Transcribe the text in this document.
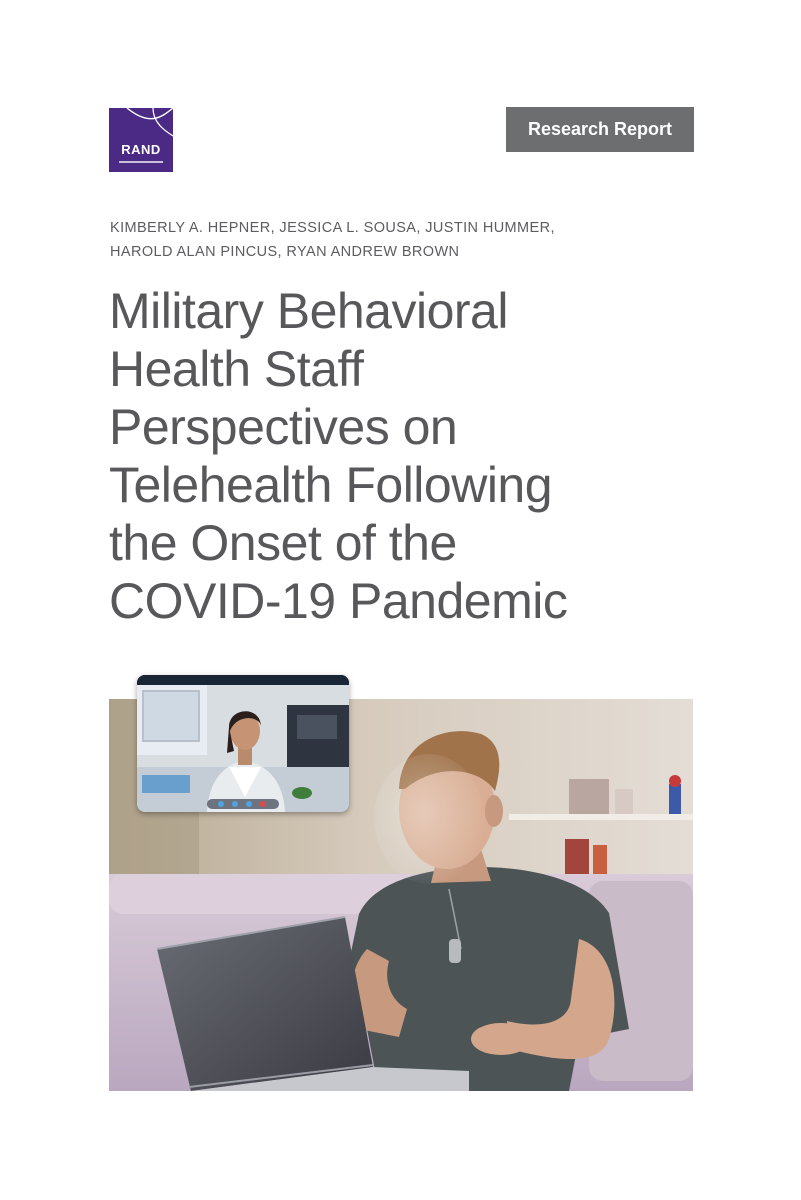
RAND
Research Report
KIMBERLY A. HEPNER, JESSICA L. SOUSA, JUSTIN HUMMER,
HAROLD ALAN PINCUS, RYAN ANDREW BROWN
Military Behavioral
Health Staff
Perspectives on
Telehealth Following
the Onset of the
COVID-19 Pandemic
